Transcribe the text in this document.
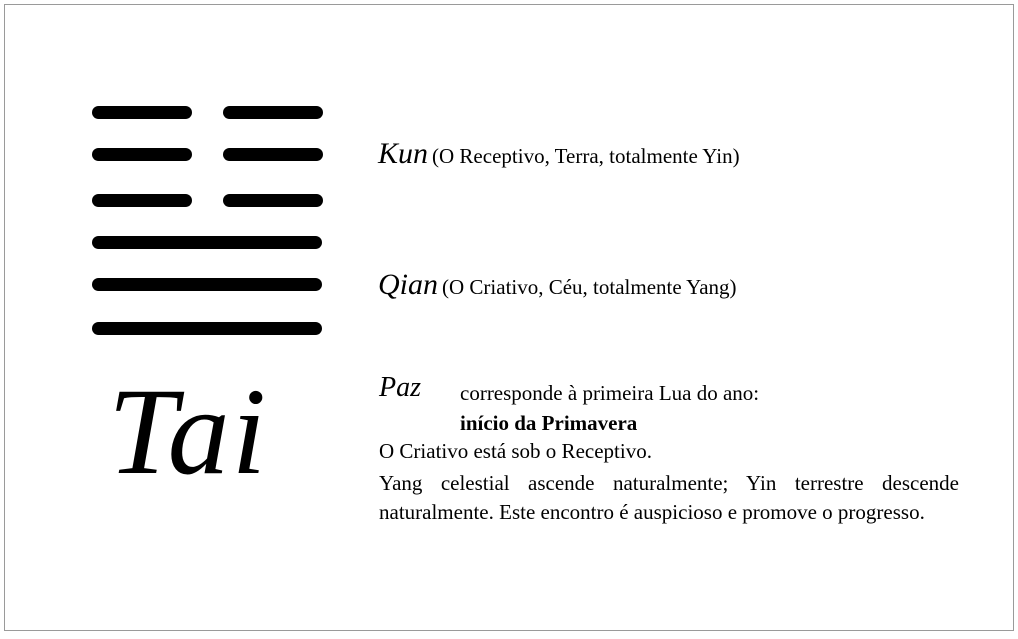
Tai
Kun (O Receptivo, Terra, totalmente Yin)
Qian (O Criativo, Céu, totalmente Yang)
Paz corresponde à primeira Lua do ano:
início da Primavera
O Criativo está sob o Receptivo.

Yang celestial ascende naturalmente; Yin terrestre descende naturalmente. Este encontro é auspicioso e promove o progresso.
